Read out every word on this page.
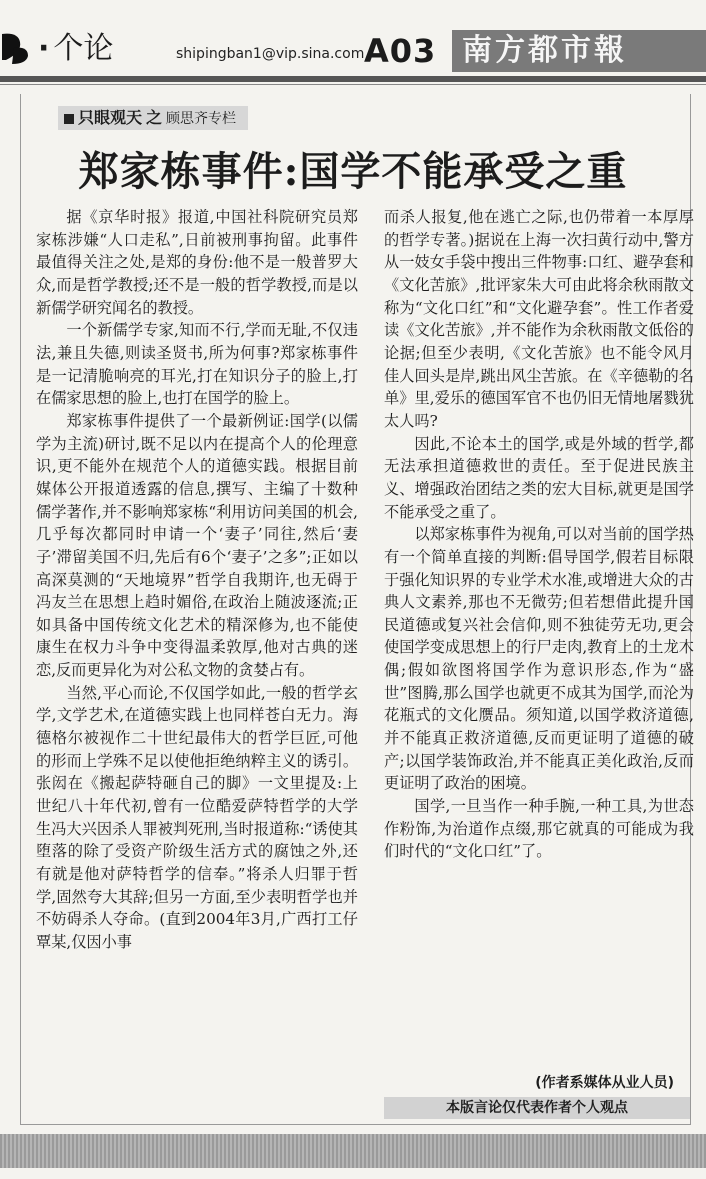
· 个论	shipingban1@vip.sina.com A03 南方都市報
只眼观天 之 顾思齐专栏
郑家栋事件:国学不能承受之重

据《京华时报》报道,中国社科院研究员郑家栋涉嫌“人口走私”,日前被刑事拘留。此事件最值得关注之处,是郑的身份:他不是一般普罗大众,而是哲学教授;还不是一般的哲学教授,而是以新儒学研究闻名的教授。

一个新儒学专家,知而不行,学而无耻,不仅违法,兼且失德,则读圣贤书,所为何事?郑家栋事件是一记清脆响亮的耳光,打在知识分子的脸上,打在儒家思想的脸上,也打在国学的脸上。

郑家栋事件提供了一个最新例证:国学(以儒学为主流)研讨,既不足以内在提高个人的伦理意识,更不能外在规范个人的道德实践。根据目前媒体公开报道透露的信息,撰写、主编了十数种儒学著作,并不影响郑家栋“利用访问美国的机会,几乎每次都同时申请一个‘妻子’同往,然后‘妻子’滞留美国不归,先后有6个‘妻子’之多”;正如以高深莫测的“天地境界”哲学自我期许,也无碍于冯友兰在思想上趋时媚俗,在政治上随波逐流;正如具备中国传统文化艺术的精深修为,也不能使康生在权力斗争中变得温柔敦厚,他对古典的迷恋,反而更异化为对公私文物的贪婪占有。

当然,平心而论,不仅国学如此,一般的哲学玄学,文学艺术,在道德实践上也同样苍白无力。海德格尔被视作二十世纪最伟大的哲学巨匠,可他的形而上学殊不足以使他拒绝纳粹主义的诱引。张闳在《搬起萨特砸自己的脚》一文里提及:上世纪八十年代初,曾有一位酷爱萨特哲学的大学生冯大兴因杀人罪被判死刑,当时报道称:“诱使其堕落的除了受资产阶级生活方式的腐蚀之外,还有就是他对萨特哲学的信奉。”将杀人归罪于哲学,固然夸大其辞;但另一方面,至少表明哲学也并不妨碍杀人夺命。(直到2004年3月,广西打工仔覃某,仅因小事

而杀人报复,他在逃亡之际,也仍带着一本厚厚的哲学专著。)据说在上海一次扫黄行动中,警方从一妓女手袋中搜出三件物事:口红、避孕套和《文化苦旅》,批评家朱大可由此将余秋雨散文称为“文化口红”和“文化避孕套”。性工作者爱读《文化苦旅》,并不能作为余秋雨散文低俗的论据;但至少表明,《文化苦旅》也不能令风月佳人回头是岸,跳出风尘苦旅。在《辛德勒的名单》里,爱乐的德国军官不也仍旧无情地屠戮犹太人吗?

因此,不论本土的国学,或是外域的哲学,都无法承担道德救世的责任。至于促进民族主义、增强政治团结之类的宏大目标,就更是国学不能承受之重了。

以郑家栋事件为视角,可以对当前的国学热有一个简单直接的判断:倡导国学,假若目标限于强化知识界的专业学术水准,或增进大众的古典人文素养,那也不无微劳;但若想借此提升国民道德或复兴社会信仰,则不独徒劳无功,更会使国学变成思想上的行尸走肉,教育上的土龙木偶;假如欲图将国学作为意识形态,作为“盛世”图腾,那么国学也就更不成其为国学,而沦为花瓶式的文化赝品。须知道,以国学救济道德,并不能真正救济道德,反而更证明了道德的破产;以国学装饰政治,并不能真正美化政治,反而更证明了政治的困境。

国学,一旦当作一种手腕,一种工具,为世态作粉饰,为治道作点缀,那它就真的可能成为我们时代的“文化口红”了。

(作者系媒体从业人员)
本版言论仅代表作者个人观点
